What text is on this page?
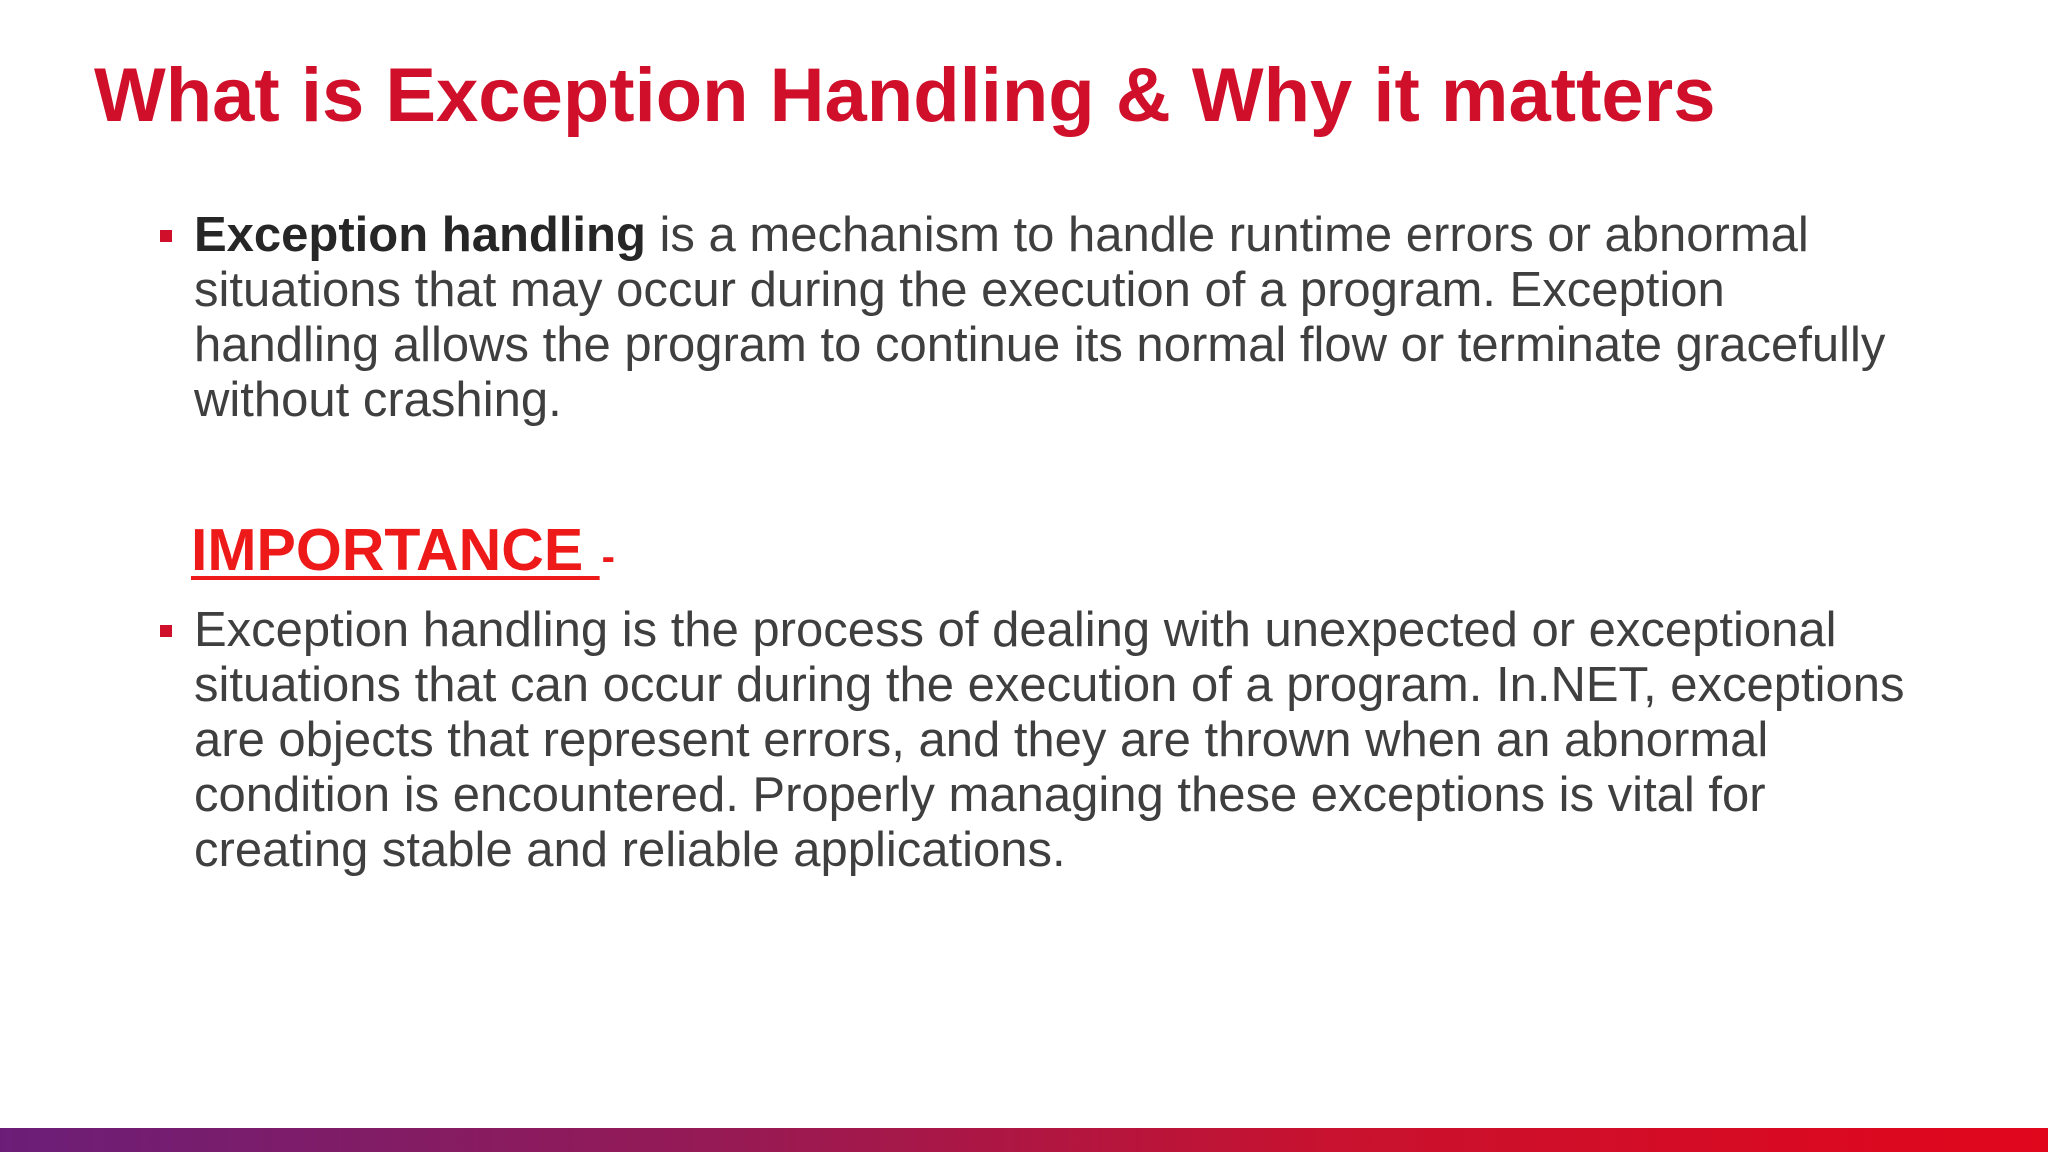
What is Exception Handling & Why it matters

Exception handling is a mechanism to handle runtime errors or abnormal situations that may occur during the execution of a program. Exception handling allows the program to continue its normal flow or terminate gracefully without crashing.

IMPORTANCE -

Exception handling is the process of dealing with unexpected or exceptional situations that can occur during the execution of a program. In.NET, exceptions are objects that represent errors, and they are thrown when an abnormal condition is encountered. Properly managing these exceptions is vital for creating stable and reliable applications.
